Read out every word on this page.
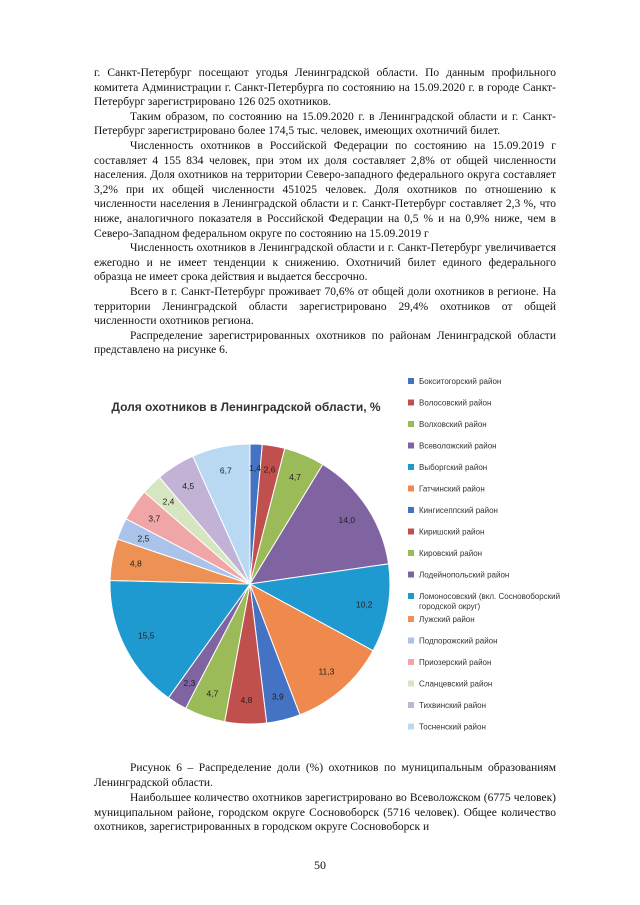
г. Санкт-Петербург посещают угодья Ленинградской области. По данным профильного комитета Администрации г. Санкт-Петербурга по состоянию на 15.09.2020 г. в городе Санкт-Петербург зарегистрировано 126 025 охотников.

Таким образом, по состоянию на 15.09.2020 г. в Ленинградской области и г. Санкт-Петербург зарегистрировано более 174,5 тыс. человек, имеющих охотничий билет.

Численность охотников в Российской Федерации по состоянию на 15.09.2019 г составляет 4 155 834 человек, при этом их доля составляет 2,8% от общей численности населения. Доля охотников на территории Северо-западного федерального округа составляет 3,2% при их общей численности 451025 человек. Доля охотников по отношению к численности населения в Ленинградской области и г. Санкт-Петербург составляет 2,3 %, что ниже, аналогичного показателя в Российской Федерации на 0,5 % и на 0,9% ниже, чем в Северо-Западном федеральном округе по состоянию на 15.09.2019 г

Численность охотников в Ленинградской области и г. Санкт-Петербург увеличивается ежегодно и не имеет тенденции к снижению. Охотничий билет единого федерального образца не имеет срока действия и выдается бессрочно.

Всего в г. Санкт-Петербург проживает 70,6% от общей доли охотников в регионе. На территории Ленинградской области зарегистрировано 29,4% охотников от общей численности охотников региона.

Распределение зарегистрированных охотников по районам Ленинградской области представлено на рисунке 6.

Доля охотников в Ленинградской области, %
1,4 2,6
4,7
14,0
10,2
11,3
3,9
4,8
4,7
2,3
15,5
4,8
2,5
3,7
2,4
4,5
6,7
Бокситогорский район
Волосовский район
Волховский район
Всеволожский район
Выборгский район
Гатчинский район
Кингисеппский район
Киришский район
Кировский район
Лодейнопольский район
Ломоносовский (вкл. Сосновоборский городской округ)
Лужский район
Подпорожский район
Приозерский район
Сланцевский район
Тихвинский район
Тосненский район

Рисунок 6 – Распределение доли (%) охотников по муниципальным образованиям Ленинградской области.

Наибольшее количество охотников зарегистрировано во Всеволожском (6775 человек) муниципальном районе, городском округе Сосновоборск (5716 человек). Общее количество охотников, зарегистрированных в городском округе Сосновоборск и

50
